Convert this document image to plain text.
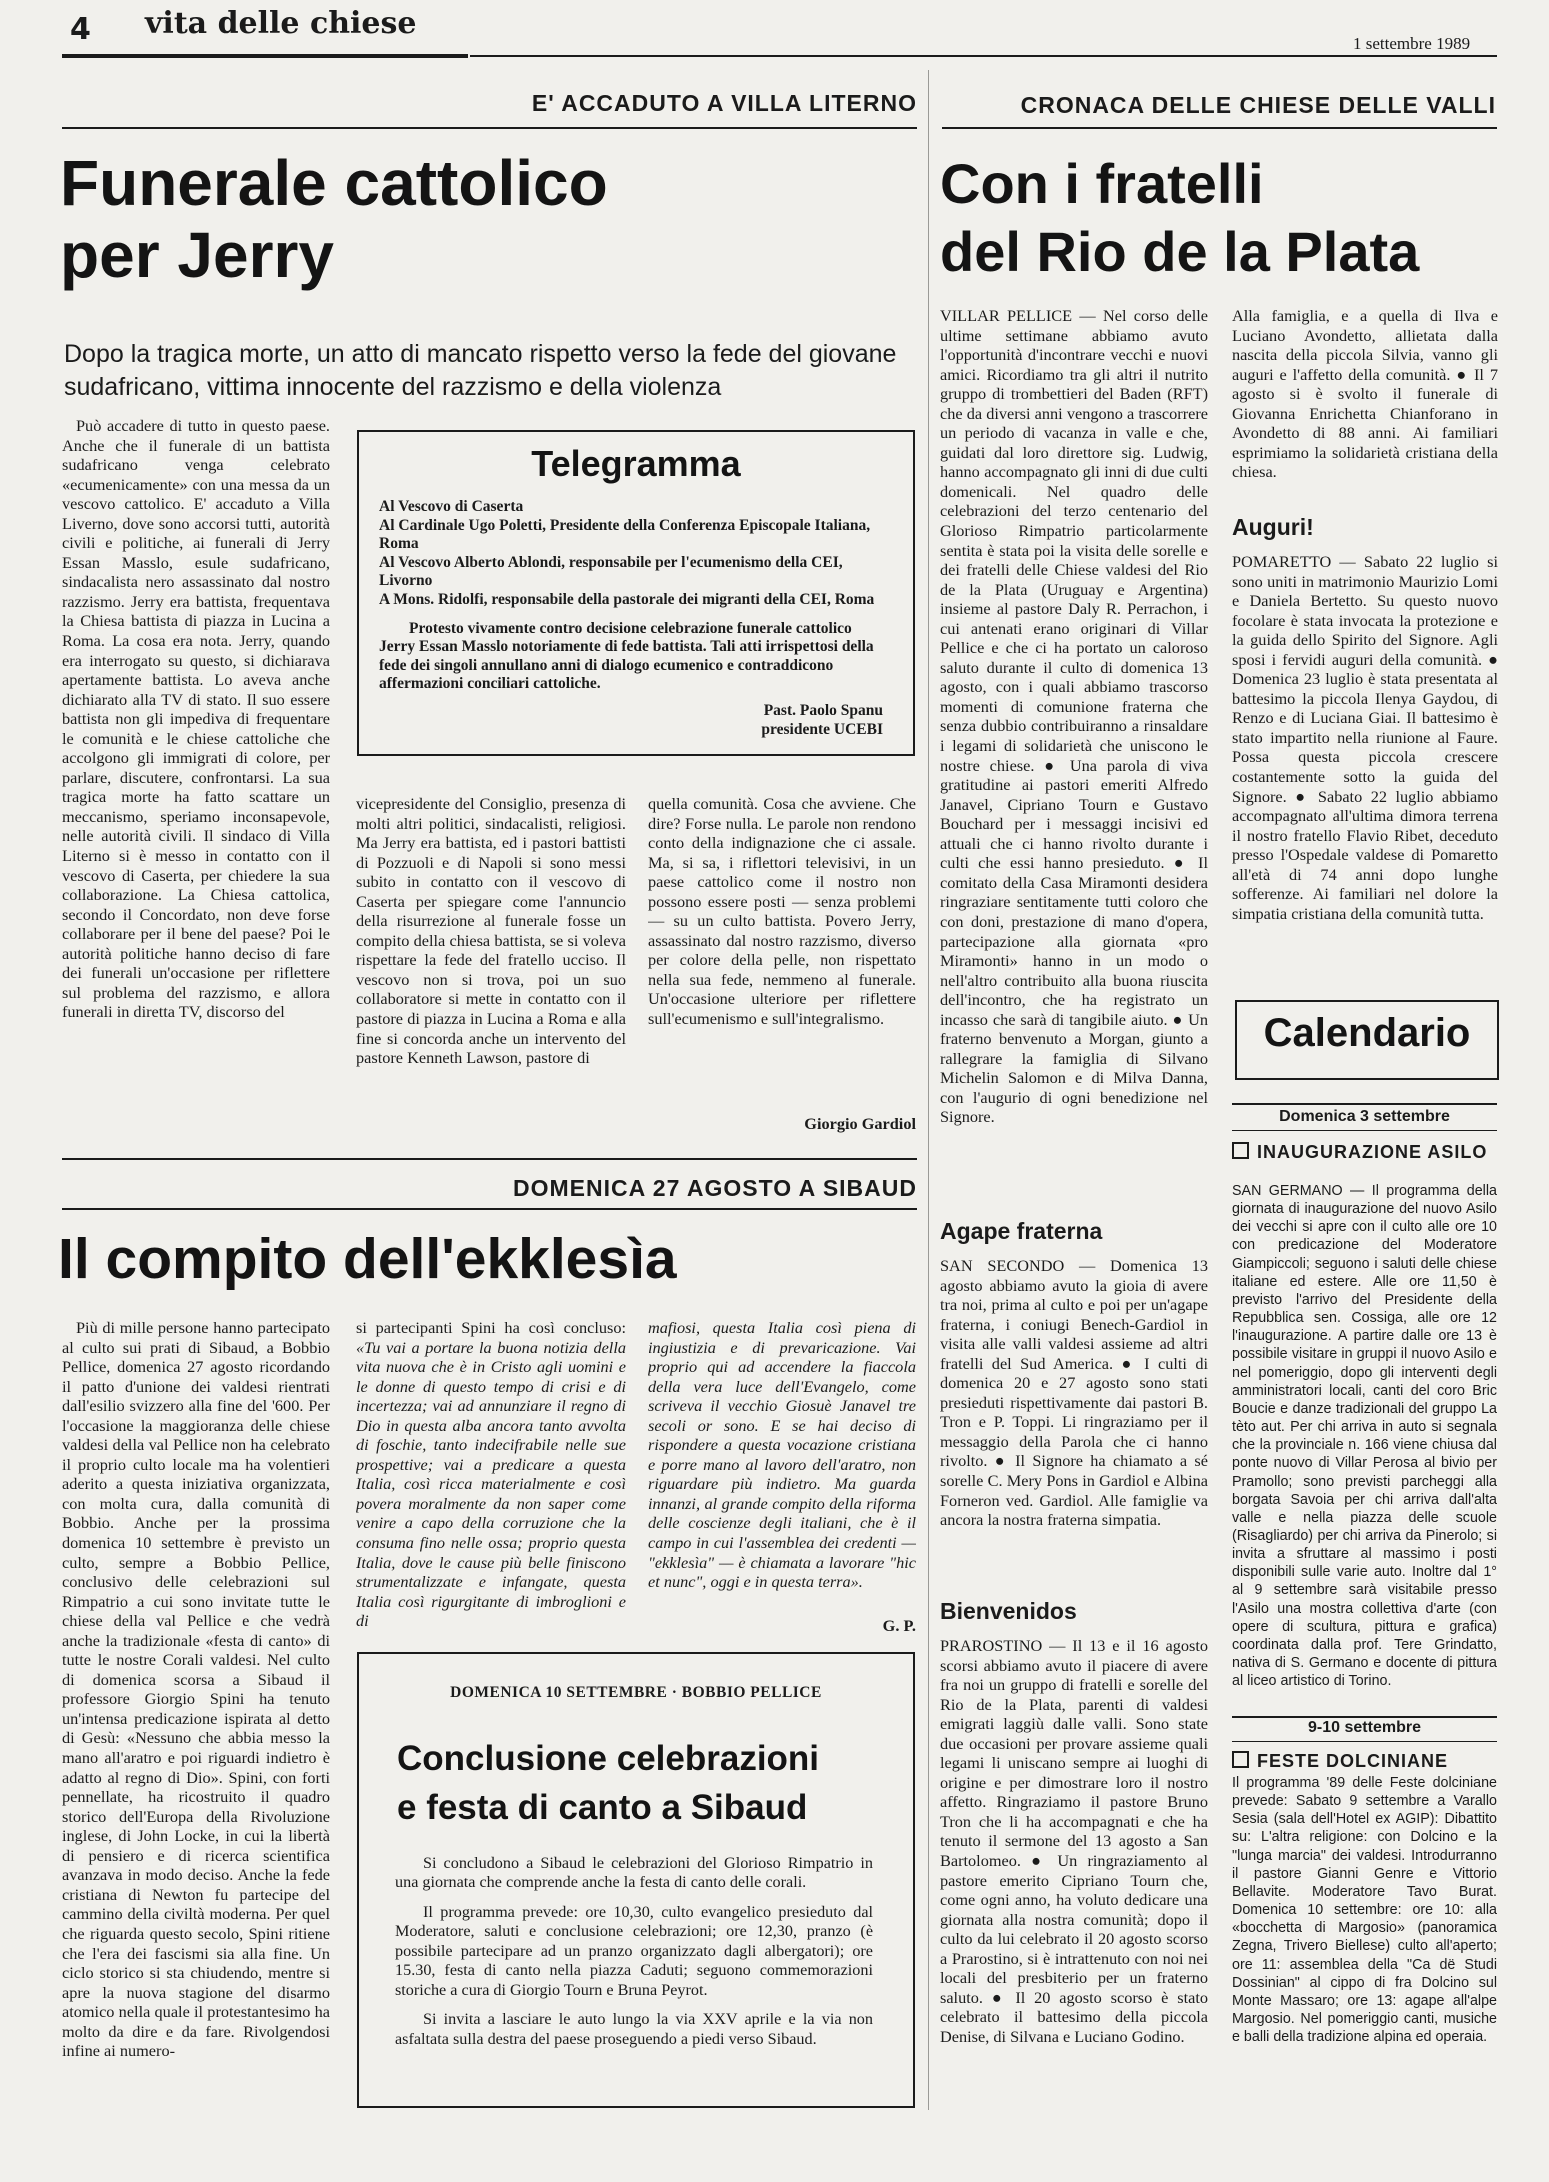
4 vita delle chiese
1 settembre 1989
E' ACCADUTO A VILLA LITERNO
Funerale cattolico
per Jerry
Dopo la tragica morte, un atto di mancato rispetto verso la fede del giovane sudafricano, vittima innocente del razzismo e della violenza

Può accadere di tutto in questo paese. Anche che il funerale di un battista sudafricano venga celebrato «ecumenicamente» con una messa da un vescovo cattolico. E' accaduto a Villa Liverno, dove sono accorsi tutti, autorità civili e politiche, ai funerali di Jerry Essan Masslo, esule sudafricano, sindacalista nero assassinato dal nostro razzismo. Jerry era battista, frequentava la Chiesa battista di piazza in Lucina a Roma. La cosa era nota. Jerry, quando era interrogato su questo, si dichiarava apertamente battista. Lo aveva anche dichiarato alla TV di stato. Il suo essere battista non gli impediva di frequentare le comunità e le chiese cattoliche che accolgono gli immigrati di colore, per parlare, discutere, confrontarsi. La sua tragica morte ha fatto scattare un meccanismo, speriamo inconsapevole, nelle autorità civili. Il sindaco di Villa Literno si è messo in contatto con il vescovo di Caserta, per chiedere la sua collaborazione. La Chiesa cattolica, secondo il Concordato, non deve forse collaborare per il bene del paese? Poi le autorità politiche hanno deciso di fare dei funerali un'occasione per riflettere sul problema del razzismo, e allora funerali in diretta TV, discorso del

Telegramma

Al Vescovo di Caserta

Al Cardinale Ugo Poletti, Presidente della Conferenza Episcopale Italiana, Roma

Al Vescovo Alberto Ablondi, responsabile per l'ecumenismo della CEI, Livorno

A Mons. Ridolfi, responsabile della pastorale dei migranti della CEI, Roma

Protesto vivamente contro decisione celebrazione funerale cattolico Jerry Essan Masslo notoriamente di fede battista. Tali atti irrispettosi della fede dei singoli annullano anni di dialogo ecumenico e contraddicono affermazioni conciliari cattoliche.

Past. Paolo Spanu

presidente UCEBI

vicepresidente del Consiglio, presenza di molti altri politici, sindacalisti, religiosi. Ma Jerry era battista, ed i pastori battisti di Pozzuoli e di Napoli si sono messi subito in contatto con il vescovo di Caserta per spiegare come l'annuncio della risurrezione al funerale fosse un compito della chiesa battista, se si voleva rispettare la fede del fratello ucciso. Il vescovo non si trova, poi un suo collaboratore si mette in contatto con il pastore di piazza in Lucina a Roma e alla fine si concorda anche un intervento del pastore Kenneth Lawson, pastore di

quella comunità. Cosa che avviene. Che dire? Forse nulla. Le parole non rendono conto della indignazione che ci assale. Ma, si sa, i riflettori televisivi, in un paese cattolico come il nostro non possono essere posti — senza problemi — su un culto battista. Povero Jerry, assassinato dal nostro razzismo, diverso per colore della pelle, non rispettato nella sua fede, nemmeno al funerale. Un'occasione ulteriore per riflettere sull'ecumenismo e sull'integralismo.

Giorgio Gardiol
DOMENICA 27 AGOSTO A SIBAUD
Il compito dell'ekklesìa

Più di mille persone hanno partecipato al culto sui prati di Sibaud, a Bobbio Pellice, domenica 27 agosto ricordando il patto d'unione dei valdesi rientrati dall'esilio svizzero alla fine del '600. Per l'occasione la maggioranza delle chiese valdesi della val Pellice non ha celebrato il proprio culto locale ma ha volentieri aderito a questa iniziativa organizzata, con molta cura, dalla comunità di Bobbio. Anche per la prossima domenica 10 settembre è previsto un culto, sempre a Bobbio Pellice, conclusivo delle celebrazioni sul Rimpatrio a cui sono invitate tutte le chiese della val Pellice e che vedrà anche la tradizionale «festa di canto» di tutte le nostre Corali valdesi. Nel culto di domenica scorsa a Sibaud il professore Giorgio Spini ha tenuto un'intensa predicazione ispirata al detto di Gesù: «Nessuno che abbia messo la mano all'aratro e poi riguardi indietro è adatto al regno di Dio». Spini, con forti pennellate, ha ricostruito il quadro storico dell'Europa della Rivoluzione inglese, di John Locke, in cui la libertà di pensiero e di ricerca scientifica avanzava in modo deciso. Anche la fede cristiana di Newton fu partecipe del cammino della civiltà moderna. Per quel che riguarda questo secolo, Spini ritiene che l'era dei fascismi sia alla fine. Un ciclo storico si sta chiudendo, mentre si apre la nuova stagione del disarmo atomico nella quale il protestantesimo ha molto da dire e da fare. Rivolgendosi infine ai numero-

si partecipanti Spini ha così concluso: «Tu vai a portare la buona notizia della vita nuova che è in Cristo agli uomini e le donne di questo tempo di crisi e di incertezza; vai ad annunziare il regno di Dio in questa alba ancora tanto avvolta di foschie, tanto indecifrabile nelle sue prospettive; vai a predicare a questa Italia, così ricca materialmente e così povera moralmente da non saper come venire a capo della corruzione che la consuma fino nelle ossa; proprio questa Italia, dove le cause più belle finiscono strumentalizzate e infangate, questa Italia così rigurgitante di imbroglioni e di

mafiosi, questa Italia così piena di ingiustizia e di prevaricazione. Vai proprio qui ad accendere la fiaccola della vera luce dell'Evangelo, come scriveva il vecchio Giosuè Janavel tre secoli or sono. E se hai deciso di rispondere a questa vocazione cristiana e porre mano al lavoro dell'aratro, non riguardare più indietro. Ma guarda innanzi, al grande compito della riforma delle coscienze degli italiani, che è il campo in cui l'assemblea dei credenti — "ekklesìa" — è chiamata a lavorare "hic et nunc", oggi e in questa terra».

G. P.
DOMENICA 10 SETTEMBRE · BOBBIO PELLICE
Conclusione celebrazioni
e festa di canto a Sibaud

Si concludono a Sibaud le celebrazioni del Glorioso Rimpatrio in una giornata che comprende anche la festa di canto delle corali.

Il programma prevede: ore 10,30, culto evangelico presieduto dal Moderatore, saluti e conclusione celebrazioni; ore 12,30, pranzo (è possibile partecipare ad un pranzo organizzato dagli albergatori); ore 15.30, festa di canto nella piazza Caduti; seguono commemorazioni storiche a cura di Giorgio Tourn e Bruna Peyrot.

Si invita a lasciare le auto lungo la via XXV aprile e la via non asfaltata sulla destra del paese proseguendo a piedi verso Sibaud.

CRONACA DELLE CHIESE DELLE VALLI
Con i fratelli
del Rio de la Plata

VILLAR PELLICE — Nel corso delle ultime settimane abbiamo avuto l'opportunità d'incontrare vecchi e nuovi amici. Ricordiamo tra gli altri il nutrito gruppo di trombettieri del Baden (RFT) che da diversi anni vengono a trascorrere un periodo di vacanza in valle e che, guidati dal loro direttore sig. Ludwig, hanno accompagnato gli inni di due culti domenicali. Nel quadro delle celebrazioni del terzo centenario del Glorioso Rimpatrio particolarmente sentita è stata poi la visita delle sorelle e dei fratelli delle Chiese valdesi del Rio de la Plata (Uruguay e Argentina) insieme al pastore Daly R. Perrachon, i cui antenati erano originari di Villar Pellice e che ci ha portato un caloroso saluto durante il culto di domenica 13 agosto, con i quali abbiamo trascorso momenti di comunione fraterna che senza dubbio contribuiranno a rinsaldare i legami di solidarietà che uniscono le nostre chiese. ● Una parola di viva gratitudine ai pastori emeriti Alfredo Janavel, Cipriano Tourn e Gustavo Bouchard per i messaggi incisivi ed attuali che ci hanno rivolto durante i culti che essi hanno presieduto. ● Il comitato della Casa Miramonti desidera ringraziare sentitamente tutti coloro che con doni, prestazione di mano d'opera, partecipazione alla giornata «pro Miramonti» hanno in un modo o nell'altro contribuito alla buona riuscita dell'incontro, che ha registrato un incasso che sarà di tangibile aiuto. ● Un fraterno benvenuto a Morgan, giunto a rallegrare la famiglia di Silvano Michelin Salomon e di Milva Danna, con l'augurio di ogni benedizione nel Signore.

Alla famiglia, e a quella di Ilva e Luciano Avondetto, allietata dalla nascita della piccola Silvia, vanno gli auguri e l'affetto della comunità. ● Il 7 agosto si è svolto il funerale di Giovanna Enrichetta Chianforano in Avondetto di 88 anni. Ai familiari esprimiamo la solidarietà cristiana della chiesa.

Auguri!

POMARETTO — Sabato 22 luglio si sono uniti in matrimonio Maurizio Lomi e Daniela Bertetto. Su questo nuovo focolare è stata invocata la protezione e la guida dello Spirito del Signore. Agli sposi i fervidi auguri della comunità. ● Domenica 23 luglio è stata presentata al battesimo la piccola Ilenya Gaydou, di Renzo e di Luciana Giai. Il battesimo è stato impartito nella riunione al Faure. Possa questa piccola crescere costantemente sotto la guida del Signore. ● Sabato 22 luglio abbiamo accompagnato all'ultima dimora terrena il nostro fratello Flavio Ribet, deceduto presso l'Ospedale valdese di Pomaretto all'età di 74 anni dopo lunghe sofferenze. Ai familiari nel dolore la simpatia cristiana della comunità tutta.

Agape fraterna

SAN SECONDO — Domenica 13 agosto abbiamo avuto la gioia di avere tra noi, prima al culto e poi per un'agape fraterna, i coniugi Benech-Gardiol in visita alle valli valdesi assieme ad altri fratelli del Sud America. ● I culti di domenica 20 e 27 agosto sono stati presieduti rispettivamente dai pastori B. Tron e P. Toppi. Li ringraziamo per il messaggio della Parola che ci hanno rivolto. ● Il Signore ha chiamato a sé sorelle C. Mery Pons in Gardiol e Albina Forneron ved. Gardiol. Alle famiglie va ancora la nostra fraterna simpatia.

Bienvenidos

PRAROSTINO — Il 13 e il 16 agosto scorsi abbiamo avuto il piacere di avere fra noi un gruppo di fratelli e sorelle del Rio de la Plata, parenti di valdesi emigrati laggiù dalle valli. Sono state due occasioni per provare assieme quali legami li uniscano sempre ai luoghi di origine e per dimostrare loro il nostro affetto. Ringraziamo il pastore Bruno Tron che li ha accompagnati e che ha tenuto il sermone del 13 agosto a San Bartolomeo. ● Un ringraziamento al pastore emerito Cipriano Tourn che, come ogni anno, ha voluto dedicare una giornata alla nostra comunità; dopo il culto da lui celebrato il 20 agosto scorso a Prarostino, si è intrattenuto con noi nei locali del presbiterio per un fraterno saluto. ● Il 20 agosto scorso è stato celebrato il battesimo della piccola Denise, di Silvana e Luciano Godino.

Calendario
Domenica 3 settembre
INAUGURAZIONE ASILO

SAN GERMANO — Il programma della giornata di inaugurazione del nuovo Asilo dei vecchi si apre con il culto alle ore 10 con predicazione del Moderatore Giampiccoli; seguono i saluti delle chiese italiane ed estere. Alle ore 11,50 è previsto l'arrivo del Presidente della Repubblica sen. Cossiga, alle ore 12 l'inaugurazione. A partire dalle ore 13 è possibile visitare in gruppi il nuovo Asilo e nel pomeriggio, dopo gli interventi degli amministratori locali, canti del coro Bric Boucie e danze tradizionali del gruppo La tèto aut. Per chi arriva in auto si segnala che la provinciale n. 166 viene chiusa dal ponte nuovo di Villar Perosa al bivio per Pramollo; sono previsti parcheggi alla borgata Savoia per chi arriva dall'alta valle e nella piazza delle scuole (Risagliardo) per chi arriva da Pinerolo; si invita a sfruttare al massimo i posti disponibili sulle varie auto. Inoltre dal 1° al 9 settembre sarà visitabile presso l'Asilo una mostra collettiva d'arte (con opere di scultura, pittura e grafica) coordinata dalla prof. Tere Grindatto, nativa di S. Germano e docente di pittura al liceo artistico di Torino.

9-10 settembre
FESTE DOLCINIANE

Il programma '89 delle Feste dolciniane prevede: Sabato 9 settembre a Varallo Sesia (sala dell'Hotel ex AGIP): Dibattito su: L'altra religione: con Dolcino e la "lunga marcia" dei valdesi. Introdurranno il pastore Gianni Genre e Vittorio Bellavite. Moderatore Tavo Burat. Domenica 10 settembre: ore 10: alla «bocchetta di Margosio» (panoramica Zegna, Trivero Biellese) culto all'aperto; ore 11: assemblea della "Ca dë Studi Dossinian" al cippo di fra Dolcino sul Monte Massaro; ore 13: agape all'alpe Margosio. Nel pomeriggio canti, musiche e balli della tradizione alpina ed operaia.
